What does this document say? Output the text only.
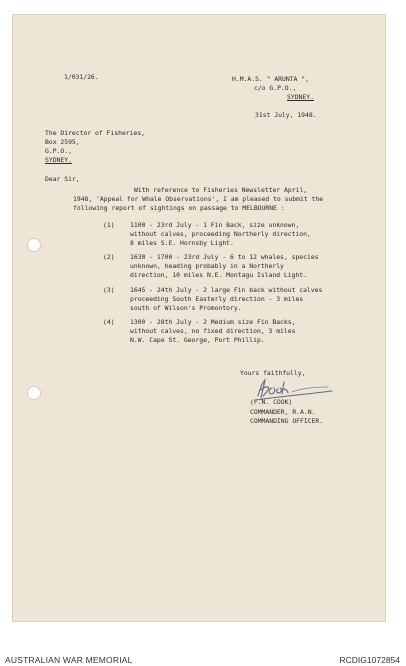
1/031/26.	H.M.A.S. " ARUNTA ",
c/o G.P.O.,
SYDNEY.
31st July, 1948.
The Director of Fisheries,
Box 2595,
G.P.O.,
SYDNEY.
Dear Sir,
With reference to Fisheries Newsletter April,
1948, 'Appeal for Whale Observations', I am pleased to submit the
following report of sightings on passage to MELBOURNE :
(1) 1100 - 23rd July - 1 Fin Back, size unknown,
without calves, proceeding Northerly direction,
8 miles S.E. Hornsby Light.
(2) 1630 - 1700 - 23rd July - 6 to 12 whales, species
unknown, heading probably in a Northerly
direction, 10 miles N.E. Montagu Island Light.
(3) 1645 - 24th July - 2 large Fin back without calves
proceeding South Easterly direction - 3 miles
south of Wilson's Promontory.
(4) 1300 - 28th July - 2 Medium size Fin Backs,
without calves, no fixed direction, 3 miles
N.W. Cape St. George, Port Phillip.
Yours faithfully,
(F.N. COOK)
COMMANDER, R.A.N.
COMMANDING OFFICER.
AUSTRALIAN WAR MEMORIAL	RCDIG1072854
